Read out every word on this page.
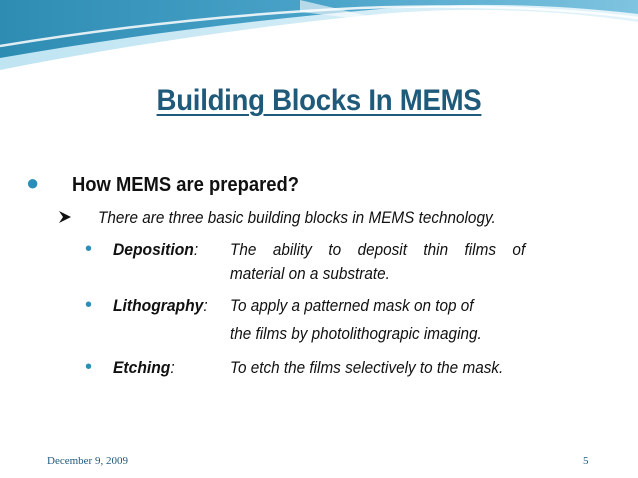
Building Blocks In MEMS
● How MEMS are prepared?
There are three basic building blocks in MEMS technology.
• Deposition: The ability to deposit thin films of
material on a substrate.
• Lithography: To apply a patterned mask on top of
the films by photolithograpic imaging.
• Etching:	To etch the films selectively to the mask.
December 9, 2009	5
